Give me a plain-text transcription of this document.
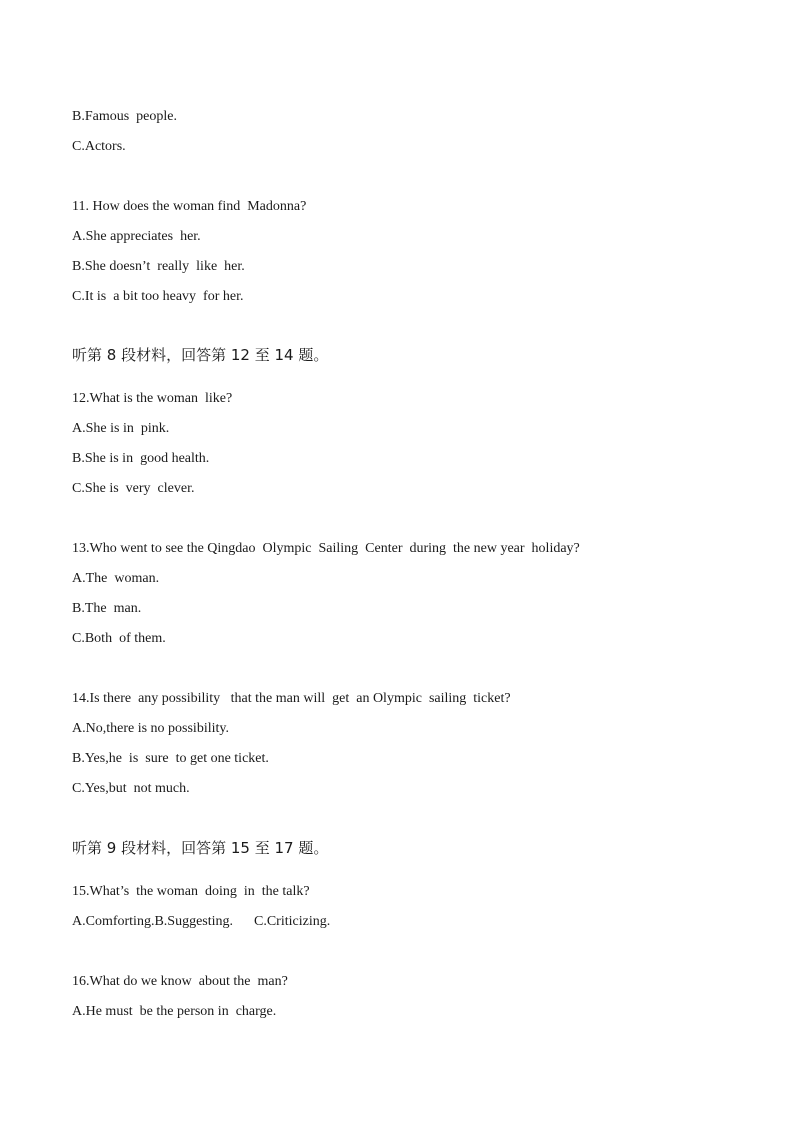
B.Famous  people.
C.Actors.
11. How does the woman find  Madonna?
A.She appreciates  her.
B.She doesn’t  really  like  her.
C.It is  a bit too heavy  for her.
听第 8 段材料，回答第 12 至 14 题。
12.What is the woman  like?
A.She is in  pink.
B.She is in  good health.
C.She is  very  clever.
13.Who went to see the Qingdao  Olympic  Sailing  Center  during  the new year  holiday?
A.The  woman.
B.The  man.
C.Both  of them.
14.Is there  any possibility   that the man will  get  an Olympic  sailing  ticket?
A.No,there is no possibility.
B.Yes,he  is  sure  to get one ticket.
C.Yes,but  not much.
听第 9 段材料，回答第 15 至 17 题。
15.What’s  the woman  doing  in  the talk?
A.Comforting.B.Suggesting.      C.Criticizing.
16.What do we know  about the  man?
A.He must  be the person in  charge.
